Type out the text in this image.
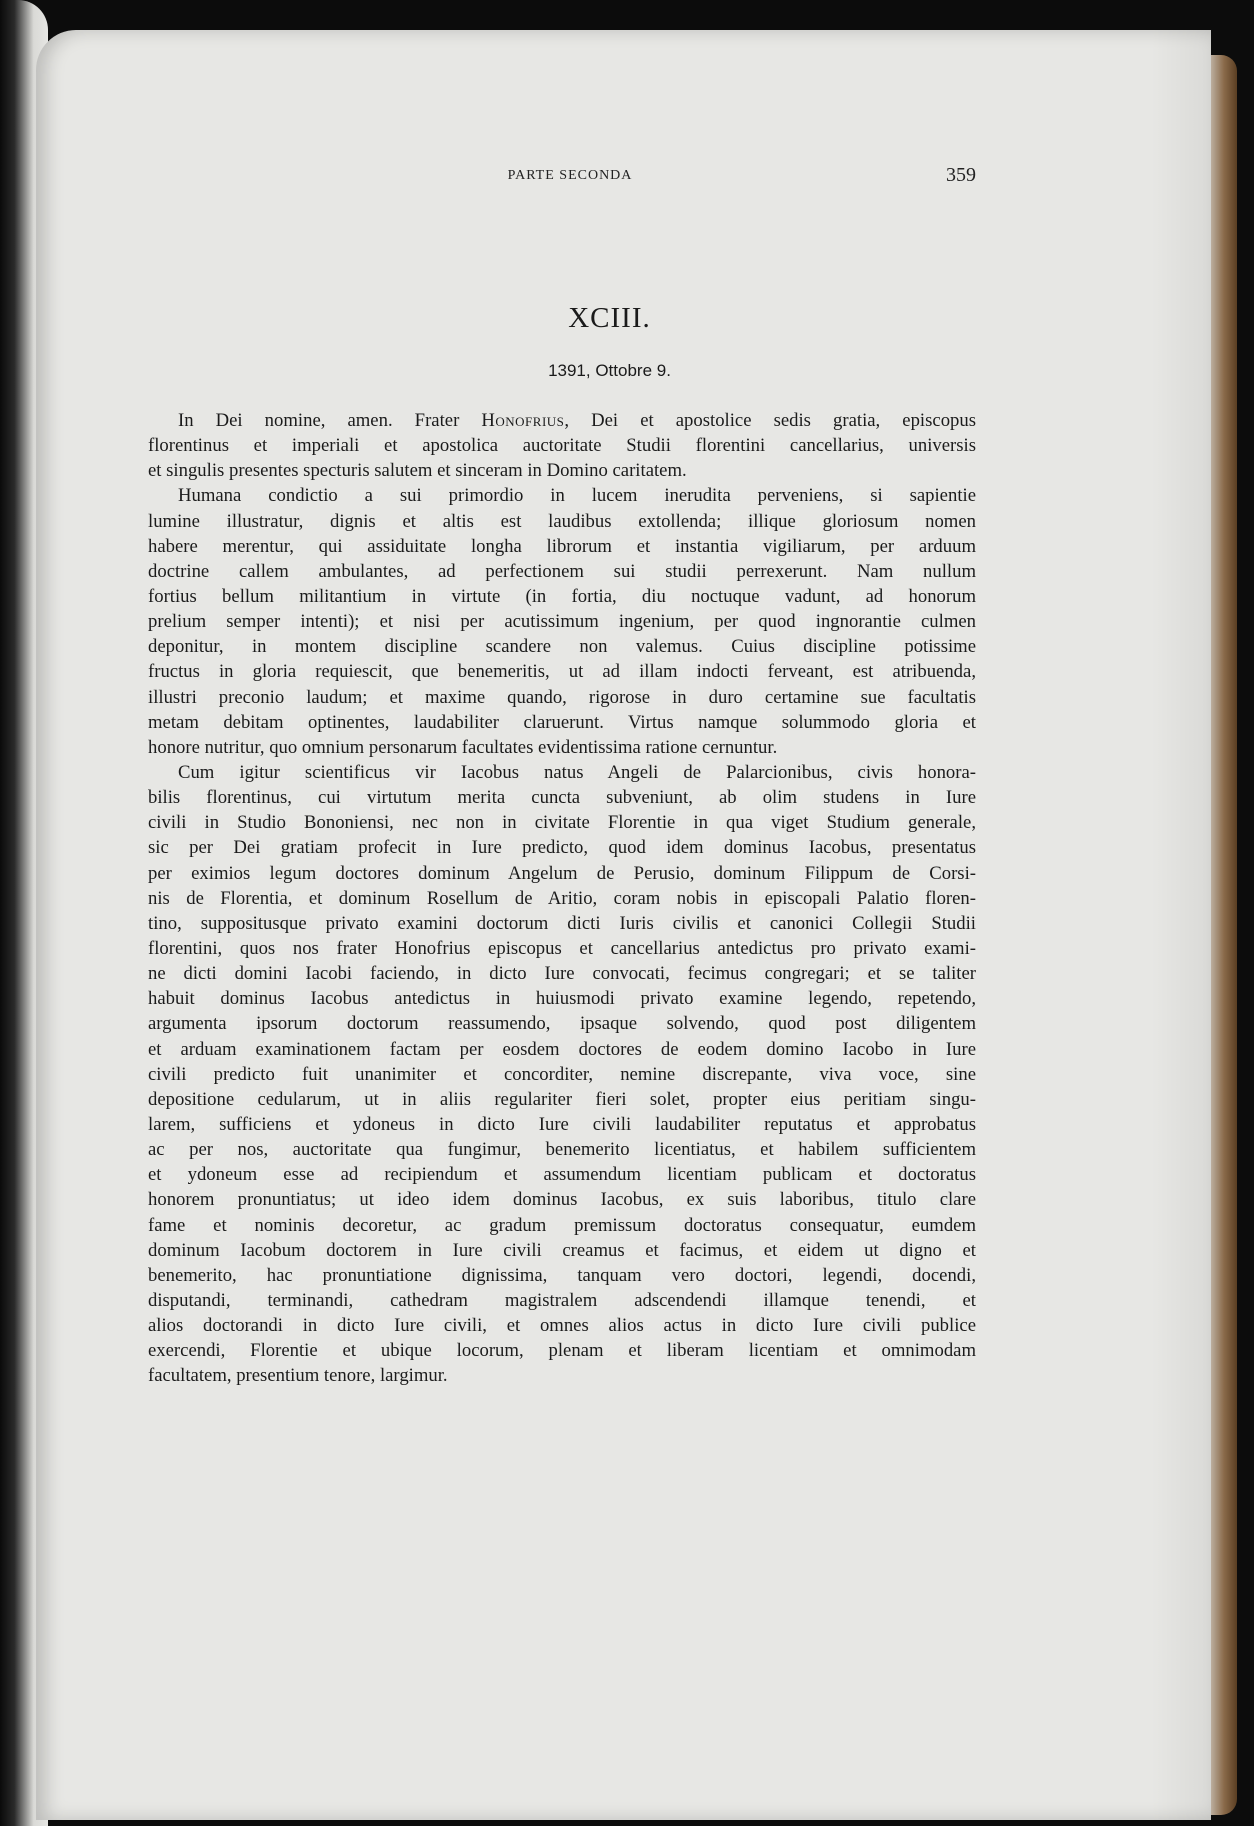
PARTE SECONDA	359
XCIII.
1391, Ottobre 9.
In Dei nomine, amen. Frater Honofrius, Dei et apostolice sedis gratia, episcopus
florentinus et imperiali et apostolica auctoritate Studii florentini cancellarius, universis
et singulis presentes specturis salutem et sinceram in Domino caritatem.
Humana condictio a sui primordio in lucem inerudita perveniens, si sapientie
lumine illustratur, dignis et altis est laudibus extollenda; illique gloriosum nomen
habere merentur, qui assiduitate longha librorum et instantia vigiliarum, per arduum
doctrine callem ambulantes, ad perfectionem sui studii perrexerunt. Nam nullum
fortius bellum militantium in virtute (in fortia, diu noctuque vadunt, ad honorum
prelium semper intenti); et nisi per acutissimum ingenium, per quod ingnorantie culmen
deponitur, in montem discipline scandere non valemus. Cuius discipline potissime
fructus in gloria requiescit, que benemeritis, ut ad illam indocti ferveant, est atribuenda,
illustri preconio laudum; et maxime quando, rigorose in duro certamine sue facultatis
metam debitam optinentes, laudabiliter claruerunt. Virtus namque solummodo gloria et
honore nutritur, quo omnium personarum facultates evidentissima ratione cernuntur.
Cum igitur scientificus vir Iacobus natus Angeli de Palarcionibus, civis honora-
bilis florentinus, cui virtutum merita cuncta subveniunt, ab olim studens in Iure
civili in Studio Bononiensi, nec non in civitate Florentie in qua viget Studium generale,
sic per Dei gratiam profecit in Iure predicto, quod idem dominus Iacobus, presentatus
per eximios legum doctores dominum Angelum de Perusio, dominum Filippum de Corsi-
nis de Florentia, et dominum Rosellum de Aritio, coram nobis in episcopali Palatio floren-
tino, suppositusque privato examini doctorum dicti Iuris civilis et canonici Collegii Studii
florentini, quos nos frater Honofrius episcopus et cancellarius antedictus pro privato exami-
ne dicti domini Iacobi faciendo, in dicto Iure convocati, fecimus congregari; et se taliter
habuit dominus Iacobus antedictus in huiusmodi privato examine legendo, repetendo,
argumenta ipsorum doctorum reassumendo, ipsaque solvendo, quod post diligentem
et arduam examinationem factam per eosdem doctores de eodem domino Iacobo in Iure
civili predicto fuit unanimiter et concorditer, nemine discrepante, viva voce, sine
depositione cedularum, ut in aliis regulariter fieri solet, propter eius peritiam singu-
larem, sufficiens et ydoneus in dicto Iure civili laudabiliter reputatus et approbatus
ac per nos, auctoritate qua fungimur, benemerito licentiatus, et habilem sufficientem
et ydoneum esse ad recipiendum et assumendum licentiam publicam et doctoratus
honorem pronuntiatus; ut ideo idem dominus Iacobus, ex suis laboribus, titulo clare
fame et nominis decoretur, ac gradum premissum doctoratus consequatur, eumdem
dominum Iacobum doctorem in Iure civili creamus et facimus, et eidem ut digno et
benemerito, hac pronuntiatione dignissima, tanquam vero doctori, legendi, docendi,
disputandi, terminandi, cathedram magistralem adscendendi illamque tenendi, et
alios doctorandi in dicto Iure civili, et omnes alios actus in dicto Iure civili publice
exercendi, Florentie et ubique locorum, plenam et liberam licentiam et omnimodam
facultatem, presentium tenore, largimur.
